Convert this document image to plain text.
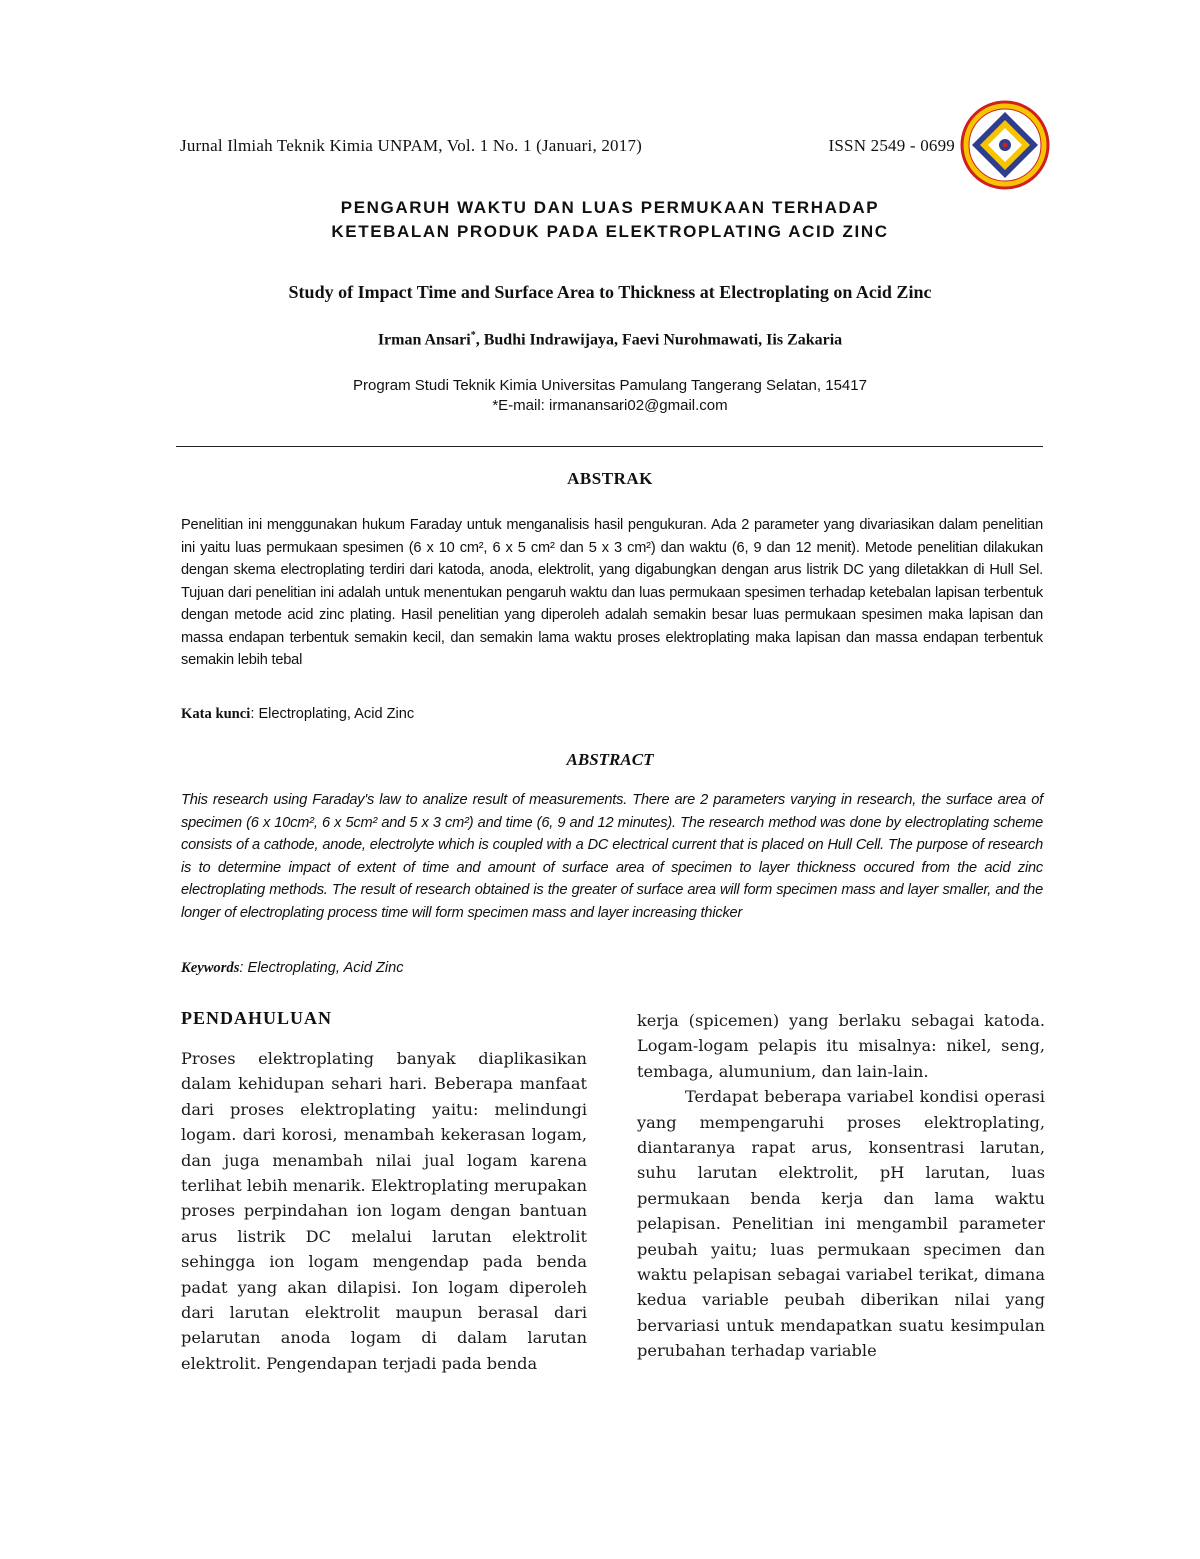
Jurnal Ilmiah Teknik Kimia UNPAM, Vol. 1 No. 1 (Januari, 2017)	ISSN 2549 - 0699
PENGARUH WAKTU DAN LUAS PERMUKAAN TERHADAP
KETEBALAN PRODUK PADA ELEKTROPLATING ACID ZINC
Study of Impact Time and Surface Area to Thickness at Electroplating on Acid Zinc
Irman Ansari*, Budhi Indrawijaya, Faevi Nurohmawati, Iis Zakaria
Program Studi Teknik Kimia Universitas Pamulang Tangerang Selatan, 15417
*E-mail: irmanansari02@gmail.com
ABSTRAK
Penelitian ini menggunakan hukum Faraday untuk menganalisis hasil pengukuran. Ada 2 parameter yang divariasikan dalam penelitian ini yaitu luas permukaan spesimen (6 x 10 cm², 6 x 5 cm² dan 5 x 3 cm²) dan waktu (6, 9 dan 12 menit). Metode penelitian dilakukan dengan skema electroplating terdiri dari katoda, anoda, elektrolit, yang digabungkan dengan arus listrik DC yang diletakkan di Hull Sel. Tujuan dari penelitian ini adalah untuk menentukan pengaruh waktu dan luas permukaan spesimen terhadap ketebalan lapisan terbentuk dengan metode acid zinc plating. Hasil penelitian yang diperoleh adalah semakin besar luas permukaan spesimen maka lapisan dan massa endapan terbentuk semakin kecil, dan semakin lama waktu proses elektroplating maka lapisan dan massa endapan terbentuk semakin lebih tebal
Kata kunci: Electroplating, Acid Zinc
ABSTRACT
This research using Faraday's law to analize result of measurements. There are 2 parameters varying in research, the surface area of specimen (6 x 10cm², 6 x 5cm² and 5 x 3 cm²) and time (6, 9 and 12 minutes). The research method was done by electroplating scheme consists of a cathode, anode, electrolyte which is coupled with a DC electrical current that is placed on Hull Cell. The purpose of research is to determine impact of extent of time and amount of surface area of specimen to layer thickness occured from the acid zinc electroplating methods. The result of research obtained is the greater of surface area will form specimen mass and layer smaller, and the longer of electroplating process time will form specimen mass and layer increasing thicker
Keywords: Electroplating, Acid Zinc
PENDAHULUAN

Proses elektroplating banyak diaplikasikan dalam kehidupan sehari hari. Beberapa manfaat dari proses elektroplating yaitu: melindungi logam. dari korosi, menambah kekerasan logam, dan juga menambah nilai jual logam karena terlihat lebih menarik. Elektroplating merupakan proses perpindahan ion logam dengan bantuan arus listrik DC melalui larutan elektrolit sehingga ion logam mengendap pada benda padat yang akan dilapisi. Ion logam diperoleh dari larutan elektrolit maupun berasal dari pelarutan anoda logam di dalam larutan elektrolit. Pengendapan terjadi pada benda

kerja (spicemen) yang berlaku sebagai katoda. Logam-logam pelapis itu misalnya: nikel, seng, tembaga, alumunium, dan lain-lain.

Terdapat beberapa variabel kondisi operasi yang mempengaruhi proses elektroplating, diantaranya rapat arus, konsentrasi larutan, suhu larutan elektrolit, pH larutan, luas permukaan benda kerja dan lama waktu pelapisan. Penelitian ini mengambil parameter peubah yaitu; luas permukaan specimen dan waktu pelapisan sebagai variabel terikat, dimana kedua variable peubah diberikan nilai yang bervariasi untuk mendapatkan suatu kesimpulan perubahan terhadap variable
